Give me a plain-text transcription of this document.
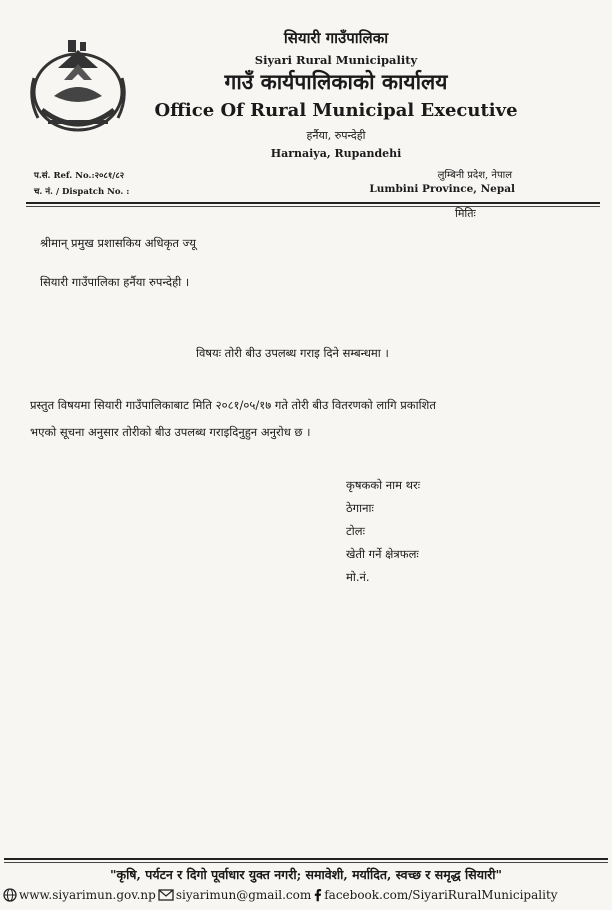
सियारी गाउँपालिका
Siyari Rural Municipality
गाउँ कार्यपालिकाको कार्यालय
Office Of Rural Municipal Executive
हर्नैया, रुपन्देही
Harnaiya, Rupandehi
प.सं. Ref. No.:२०८१/८२
च. नं. / Dispatch No. :
लुम्बिनी प्रदेश, नेपाल
Lumbini Province, Nepal
मितिः
श्रीमान् प्रमुख प्रशासकिय अधिकृत ज्यू
सियारी गाउँपालिका हर्नैया रुपन्देही ।
विषयः तोरी बीउ उपलब्ध गराइ दिने सम्बन्धमा ।
प्रस्तुत विषयमा सियारी गाउँपालिकाबाट मिति २०८१/०५/१७ गते तोरी बीउ वितरणको लागि प्रकाशित
भएको सूचना अनुसार तोरीको बीउ उपलब्ध गराइदिनुहुन अनुरोध छ ।
कृषकको नाम थरः
ठेगानाः
टोलः
खेती गर्ने क्षेत्रफलः
मो.नं.
"कृषि, पर्यटन र दिगो पूर्वाधार युक्त नगरी; समावेशी, मर्यादित, स्वच्छ र समृद्ध सियारी"
www.siyarimun.gov.np siyarimun@gmail.com facebook.com/SiyariRuralMunicipality
